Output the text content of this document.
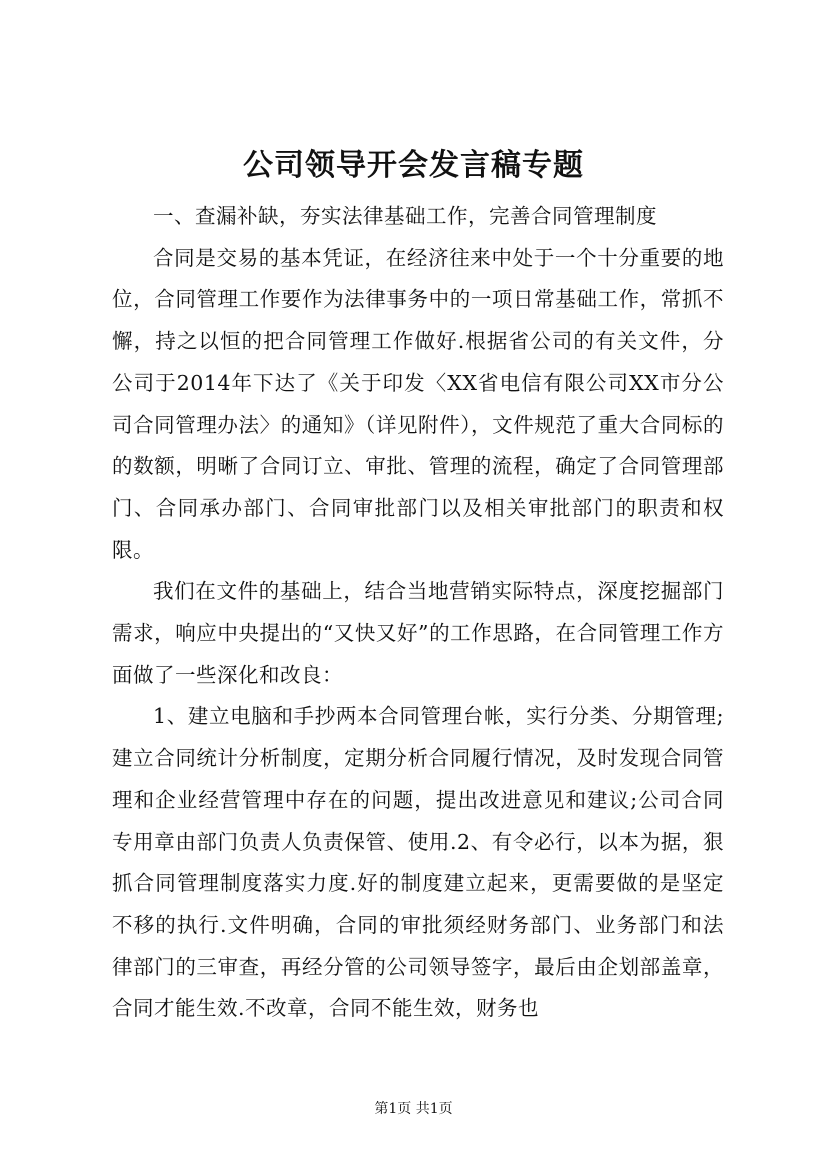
公司领导开会发言稿专题

一、查漏补缺，夯实法律基础工作，完善合同管理制度

合同是交易的基本凭证，在经济往来中处于一个十分重要的地位，合同管理工作要作为法律事务中的一项日常基础工作，常抓不懈，持之以恒的把合同管理工作做好.根据省公司的有关文件，分公司于2014年下达了《关于印发〈XX省电信有限公司XX市分公司合同管理办法〉的通知》（详见附件），文件规范了重大合同标的的数额，明晰了合同订立、审批、管理的流程，确定了合同管理部门、合同承办部门、合同审批部门以及相关审批部门的职责和权限。

我们在文件的基础上，结合当地营销实际特点，深度挖掘部门需求，响应中央提出的“又快又好”的工作思路，在合同管理工作方面做了一些深化和改良：

1、建立电脑和手抄两本合同管理台帐，实行分类、分期管理;建立合同统计分析制度，定期分析合同履行情况，及时发现合同管理和企业经营管理中存在的问题，提出改进意见和建议;公司合同专用章由部门负责人负责保管、使用.2、有令必行，以本为据，狠抓合同管理制度落实力度.好的制度建立起来，更需要做的是坚定不移的执行.文件明确，合同的审批须经财务部门、业务部门和法律部门的三审查，再经分管的公司领导签字，最后由企划部盖章，合同才能生效.不改章，合同不能生效，财务也

第1页 共1页
